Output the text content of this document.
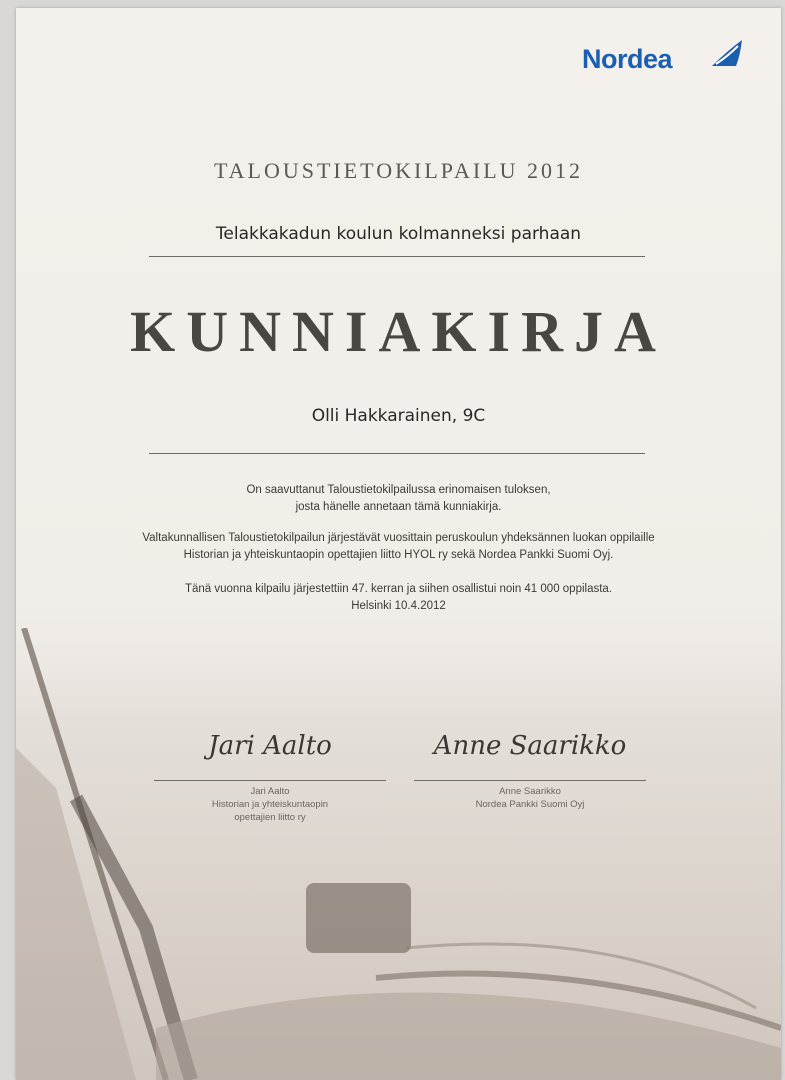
Nordea
TALOUSTIETOKILPAILU 2012
Telakkakadun koulun kolmanneksi parhaan
KUNNIAKIRJA
Olli Hakkarainen, 9C
On saavuttanut Taloustietokilpailussa erinomaisen tuloksen,
josta hänelle annetaan tämä kunniakirja.
Valtakunnallisen Taloustietokilpailun järjestävät vuosittain peruskoulun yhdeksännen luokan oppilaille
Historian ja yhteiskuntaopin opettajien liitto HYOL ry sekä Nordea Pankki Suomi Oyj.
Tänä vuonna kilpailu järjestettiin 47. kerran ja siihen osallistui noin 41 000 oppilasta.
Helsinki 10.4.2012
Jari Aalto
Jari Aalto
Historian ja yhteiskuntaopin
opettajien liitto ry
Anne Saarikko
Anne Saarikko
Nordea Pankki Suomi Oyj
